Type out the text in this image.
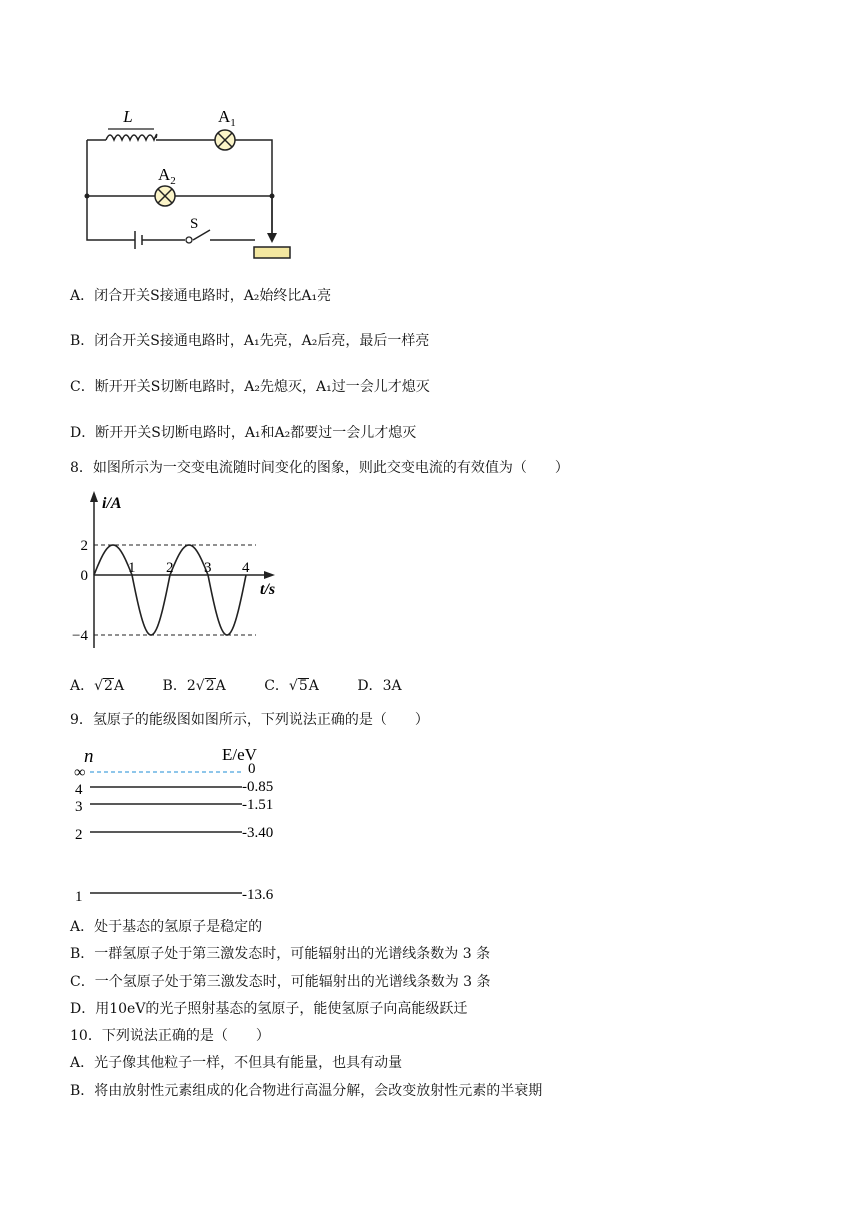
L	$A_1$
$A_2$
S
A．闭合开关S接通电路时，A₂始终比A₁亮
B．闭合开关S接通电路时，A₁先亮，A₂后亮，最后一样亮
C．断开开关S切断电路时，A₂先熄灭，A₁过一会儿才熄灭
D．断开开关S切断电路时，A₁和A₂都要过一会儿才熄灭
8．如图所示为一交变电流随时间变化的图象，则此交变电流的有效值为（　　）
i/A
t/s
1 2 3 4
2
0
−4
A．√2A	B．2√2A	C．√5A	D．3A
9．氢原子的能级图如图所示，下列说法正确的是（　　）
n	E/eV
∞	0
4	-0.85
3	-1.51
2	-3.40
1	-13.6
A．处于基态的氢原子是稳定的
B．一群氢原子处于第三激发态时，可能辐射出的光谱线条数为 3 条
C．一个氢原子处于第三激发态时，可能辐射出的光谱线条数为 3 条
D．用10eV的光子照射基态的氢原子，能使氢原子向高能级跃迁
10．下列说法正确的是（　　）
A．光子像其他粒子一样，不但具有能量，也具有动量
B．将由放射性元素组成的化合物进行高温分解，会改变放射性元素的半衰期
